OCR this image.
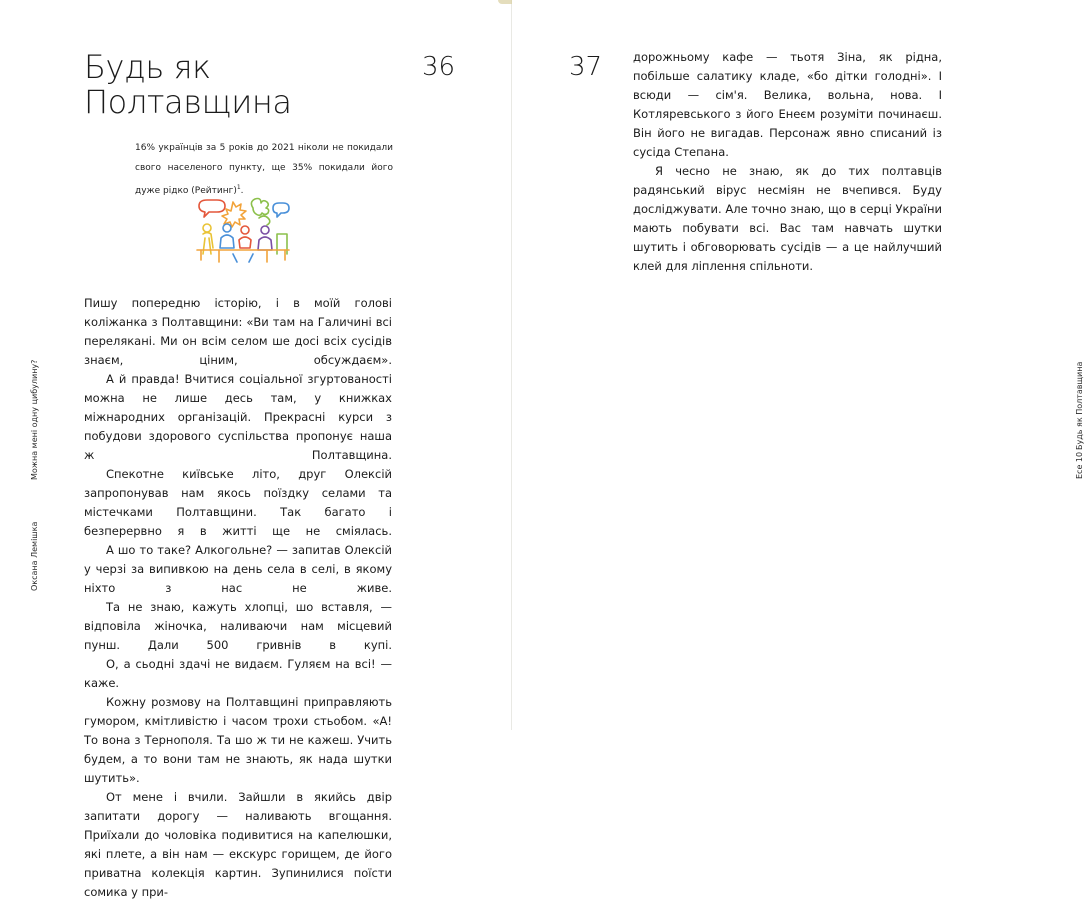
Будь як Полтавщина
36

16% українців за 5 років до 2021 ніколи не покидали свого населеного пункту, ще 35% покидали його дуже рідко (Рейтинг)$^1$.

Пишу попередню історію, і в моїй голові коліжанка з Полтавщини: «Ви там на Галичині всі перелякані. Ми он всім селом ше досі всіх сусідів знаєм, ціним, обсуждаєм».

А й правда! Вчитися соціальної згуртованості можна не лише десь там, у книжках міжнародних організацій. Прекрасні курси з побудови здорового суспільства пропонує наша ж Полтавщина.

Спекотне київське літо, друг Олексій запропонував нам якось поїздку селами та містечками Полтавщини. Так багато і безперервно я в житті ще не сміялась.

А шо то таке? Алкогольне? — запитав Олексій у черзі за випивкою на день села в селі, в якому ніхто з нас не живе.

Та не знаю, кажуть хлопці, шо вставля, — відповіла жіночка, наливаючи нам місцевий пунш. Дали 500 гривнів в купі.

О, а сьодні здачі не видаєм. Гуляєм на всі! — каже.

Кожну розмову на Полтавщині приправляють гумором, кмітливістю і часом трохи стьобом. «А! То вона з Тернополя. Та шо ж ти не кажеш. Учить будем, а то вони там не знають, як нада шутки шутить».

От мене і вчили. Зайшли в якийсь двір запитати дорогу — наливають вгощання. Приїхали до чоловіка подивитися на капелюшки, які плете, а він нам — екскурс горищем, де його приватна колекція картин. Зупинилися поїсти сомика у при-

Оксана Лемішка
Можна мені одну цибулину?
37	дорожньому кафе — тьотя Зіна, як рідна, побільше салатику кладе, «бо дітки голодні». І всюди — сім'я. Велика, вольна, нова. І Котляревського з його Енеєм розуміти починаєш. Він його не вигадав. Персонаж явно списаний із сусіда Степана.

Я чесно не знаю, як до тих полтавців радянський вірус несміян не вчепився. Буду досліджувати. Але точно знаю, що в серці України мають побувати всі. Вас там навчать шутки шутить і обговорювать сусідів — а це найлучший клей для ліплення спільноти.

Есе 10
Будь як Полтавщина
